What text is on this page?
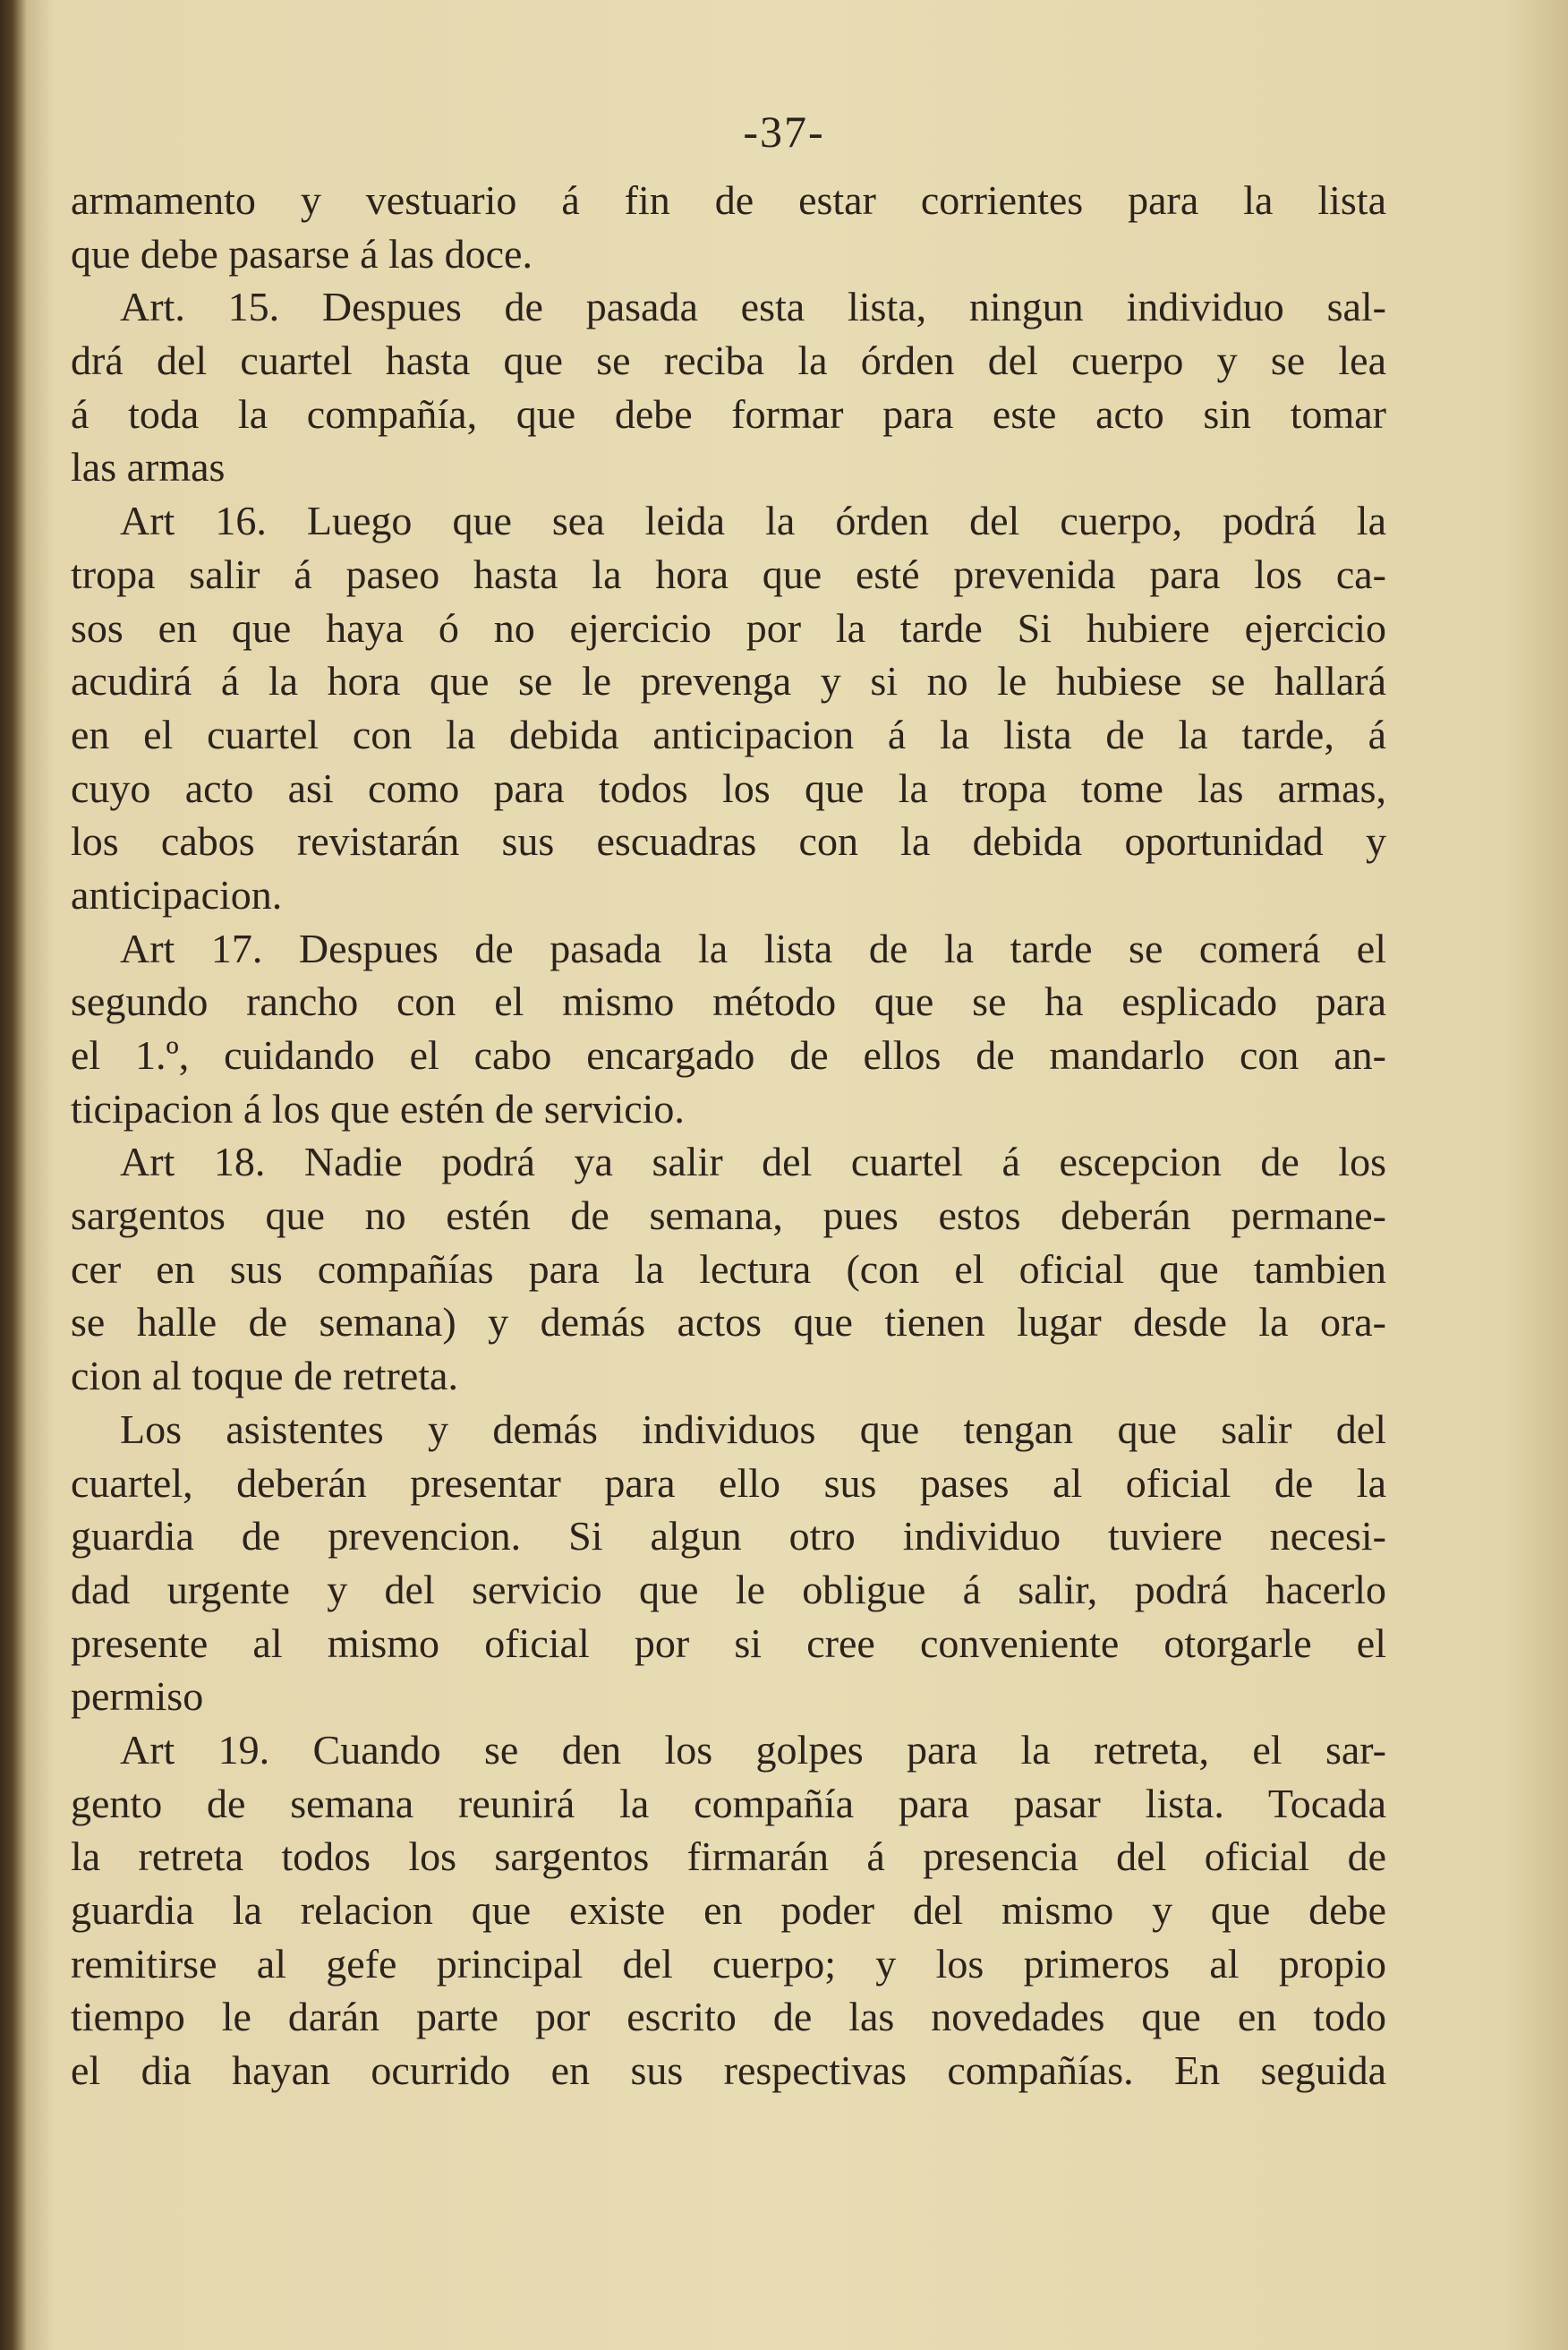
-37-
armamento y vestuario á fin de estar corrientes para la lista
que debe pasarse á las doce.
Art. 15. Despues de pasada esta lista, ningun individuo sal-
drá del cuartel hasta que se reciba la órden del cuerpo y se lea
á toda la compañía, que debe formar para este acto sin tomar
las armas
Art 16. Luego que sea leida la órden del cuerpo, podrá la
tropa salir á paseo hasta la hora que esté prevenida para los ca-
sos en que haya ó no ejercicio por la tarde Si hubiere ejercicio
acudirá á la hora que se le prevenga y si no le hubiese se hallará
en el cuartel con la debida anticipacion á la lista de la tarde, á
cuyo acto asi como para todos los que la tropa tome las armas,
los cabos revistarán sus escuadras con la debida oportunidad y
anticipacion.
Art 17. Despues de pasada la lista de la tarde se comerá el
segundo rancho con el mismo método que se ha esplicado para
el 1.º, cuidando el cabo encargado de ellos de mandarlo con an-
ticipacion á los que estén de servicio.
Art 18. Nadie podrá ya salir del cuartel á escepcion de los
sargentos que no estén de semana, pues estos deberán permane-
cer en sus compañías para la lectura (con el oficial que tambien
se halle de semana) y demás actos que tienen lugar desde la ora-
cion al toque de retreta.
Los asistentes y demás individuos que tengan que salir del
cuartel, deberán presentar para ello sus pases al oficial de la
guardia de prevencion. Si algun otro individuo tuviere necesi-
dad urgente y del servicio que le obligue á salir, podrá hacerlo
presente al mismo oficial por si cree conveniente otorgarle el
permiso
Art 19. Cuando se den los golpes para la retreta, el sar-
gento de semana reunirá la compañía para pasar lista. Tocada
la retreta todos los sargentos firmarán á presencia del oficial de
guardia la relacion que existe en poder del mismo y que debe
remitirse al gefe principal del cuerpo; y los primeros al propio
tiempo le darán parte por escrito de las novedades que en todo
el dia hayan ocurrido en sus respectivas compañías. En seguida
